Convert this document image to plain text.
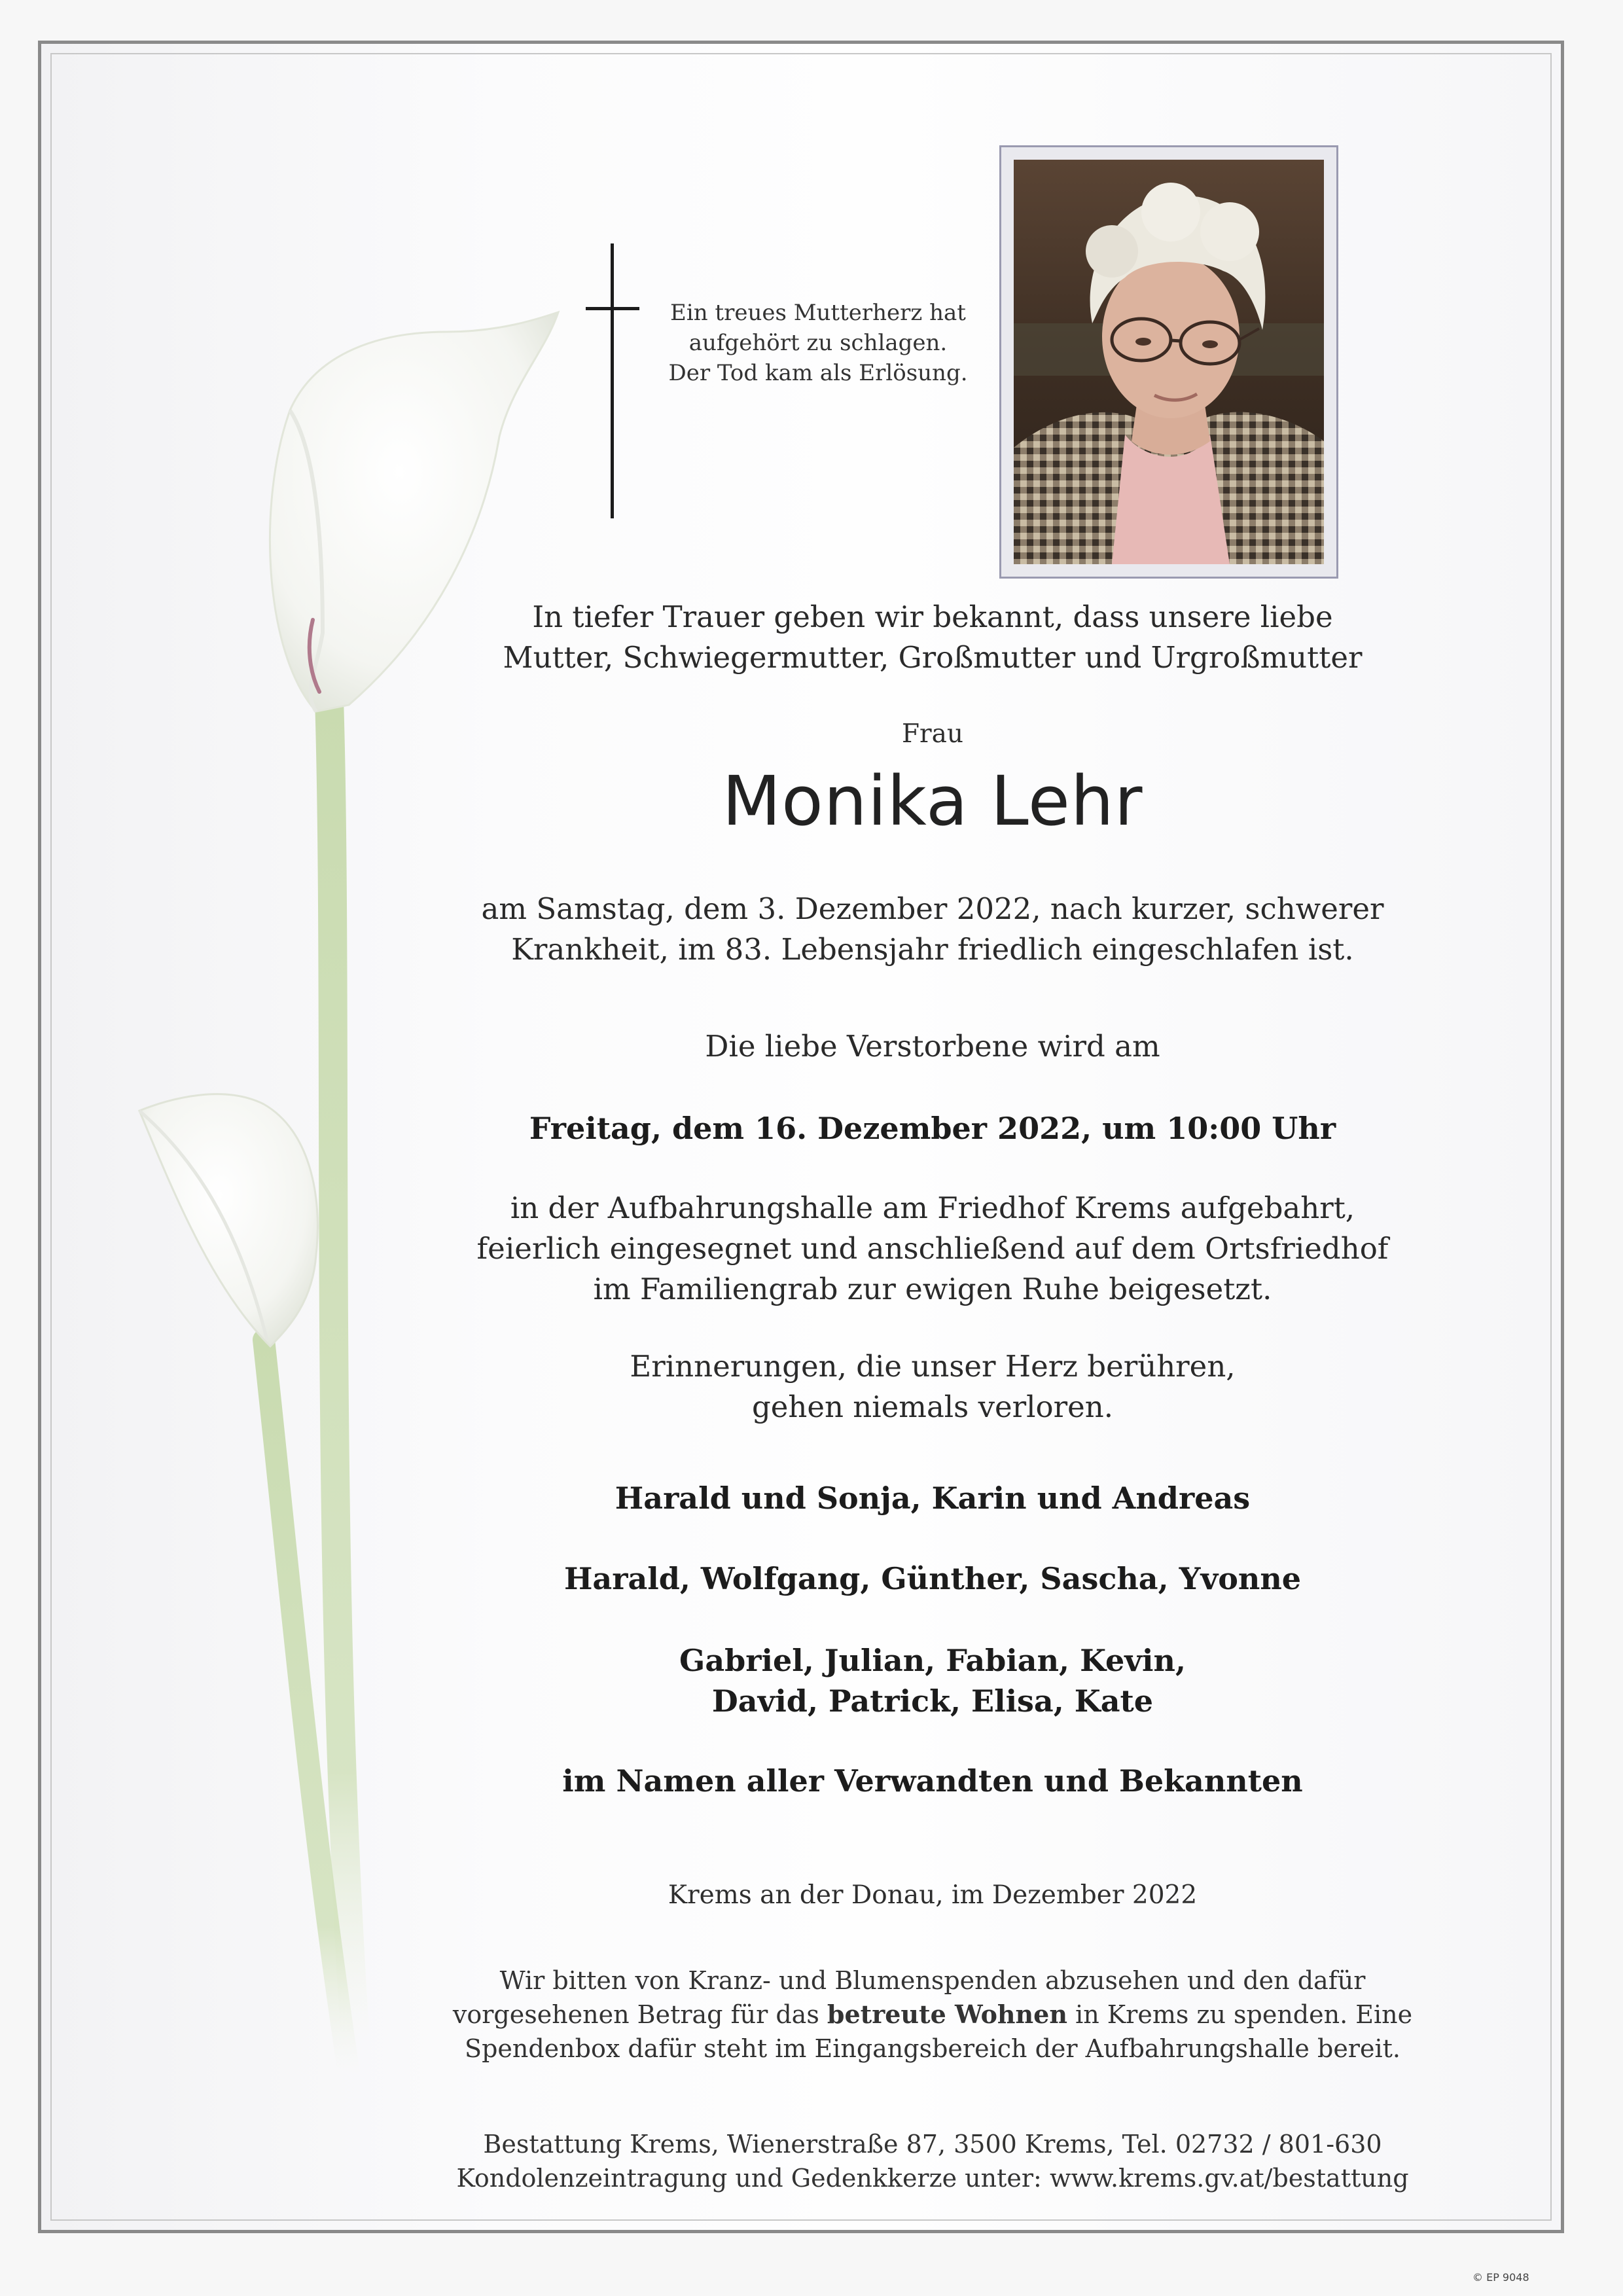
Ein treues Mutterherz hat
aufgehört zu schlagen.
Der Tod kam als Erlösung.
In tiefer Trauer geben wir bekannt, dass unsere liebe
Mutter, Schwiegermutter, Großmutter und Urgroßmutter
Frau
Monika Lehr
am Samstag, dem 3. Dezember 2022, nach kurzer, schwerer
Krankheit, im 83. Lebensjahr friedlich eingeschlafen ist.
Die liebe Verstorbene wird am
Freitag, dem 16. Dezember 2022, um 10:00 Uhr
in der Aufbahrungshalle am Friedhof Krems aufgebahrt,
feierlich eingesegnet und anschließend auf dem Ortsfriedhof
im Familiengrab zur ewigen Ruhe beigesetzt.
Erinnerungen, die unser Herz berühren,
gehen niemals verloren.
Harald und Sonja, Karin und Andreas
Harald, Wolfgang, Günther, Sascha, Yvonne
Gabriel, Julian, Fabian, Kevin,
David, Patrick, Elisa, Kate
im Namen aller Verwandten und Bekannten
Krems an der Donau, im Dezember 2022
Wir bitten von Kranz- und Blumenspenden abzusehen und den dafür
vorgesehenen Betrag für das betreute Wohnen in Krems zu spenden. Eine
Spendenbox dafür steht im Eingangsbereich der Aufbahrungshalle bereit.
Bestattung Krems, Wienerstraße 87, 3500 Krems, Tel. 02732 / 801-630
Kondolenzeintragung und Gedenkkerze unter: www.krems.gv.at/bestattung
© EP 9048
